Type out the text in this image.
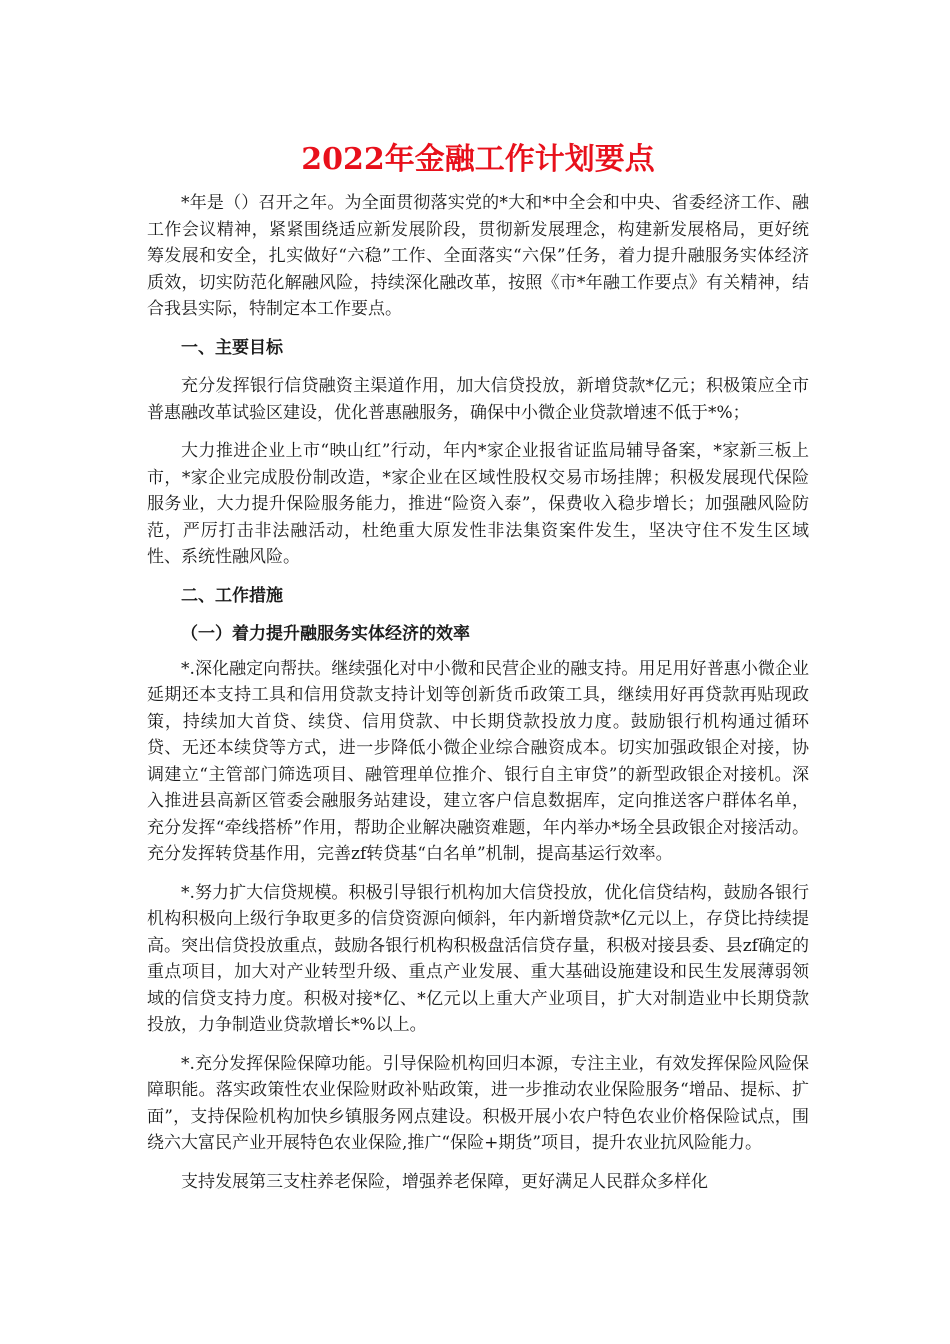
2022年金融工作计划要点

*年是（）召开之年。为全面贯彻落实党的*大和*中全会和中央、省委经济工作、融工作会议精神，紧紧围绕适应新发展阶段，贯彻新发展理念，构建新发展格局，更好统筹发展和安全，扎实做好“六稳”工作、全面落实“六保”任务，着力提升融服务实体经济质效，切实防范化解融风险，持续深化融改革，按照《市*年融工作要点》有关精神，结合我县实际，特制定本工作要点。

一、主要目标

充分发挥银行信贷融资主渠道作用，加大信贷投放，新增贷款*亿元；积极策应全市普惠融改革试验区建设，优化普惠融服务，确保中小微企业贷款增速不低于*%；

大力推进企业上市“映山红”行动，年内*家企业报省证监局辅导备案，*家新三板上市，*家企业完成股份制改造，*家企业在区域性股权交易市场挂牌；积极发展现代保险服务业，大力提升保险服务能力，推进“险资入泰”，保费收入稳步增长；加强融风险防范，严厉打击非法融活动，杜绝重大原发性非法集资案件发生，坚决守住不发生区域性、系统性融风险。

二、工作措施
（一）着力提升融服务实体经济的效率

*.深化融定向帮扶。继续强化对中小微和民营企业的融支持。用足用好普惠小微企业延期还本支持工具和信用贷款支持计划等创新货币政策工具，继续用好再贷款再贴现政策，持续加大首贷、续贷、信用贷款、中长期贷款投放力度。鼓励银行机构通过循环贷、无还本续贷等方式，进一步降低小微企业综合融资成本。切实加强政银企对接，协调建立“主管部门筛选项目、融管理单位推介、银行自主审贷”的新型政银企对接机。深入推进县高新区管委会融服务站建设，建立客户信息数据库，定向推送客户群体名单，充分发挥“牵线搭桥”作用，帮助企业解决融资难题，年内举办*场全县政银企对接活动。充分发挥转贷基作用，完善zf转贷基“白名单”机制，提高基运行效率。

*.努力扩大信贷规模。积极引导银行机构加大信贷投放，优化信贷结构，鼓励各银行机构积极向上级行争取更多的信贷资源向倾斜，年内新增贷款*亿元以上，存贷比持续提高。突出信贷投放重点，鼓励各银行机构积极盘活信贷存量，积极对接县委、县zf确定的重点项目，加大对产业转型升级、重点产业发展、重大基础设施建设和民生发展薄弱领域的信贷支持力度。积极对接*亿、*亿元以上重大产业项目，扩大对制造业中长期贷款投放，力争制造业贷款增长*%以上。

*.充分发挥保险保障功能。引导保险机构回归本源，专注主业，有效发挥保险风险保障职能。落实政策性农业保险财政补贴政策，进一步推动农业保险服务“增品、提标、扩面”，支持保险机构加快乡镇服务网点建设。积极开展小农户特色农业价格保险试点，围绕六大富民产业开展特色农业保险,推广“保险+期货”项目，提升农业抗风险能力。

支持发展第三支柱养老保险，增强养老保障，更好满足人民群众多样化
